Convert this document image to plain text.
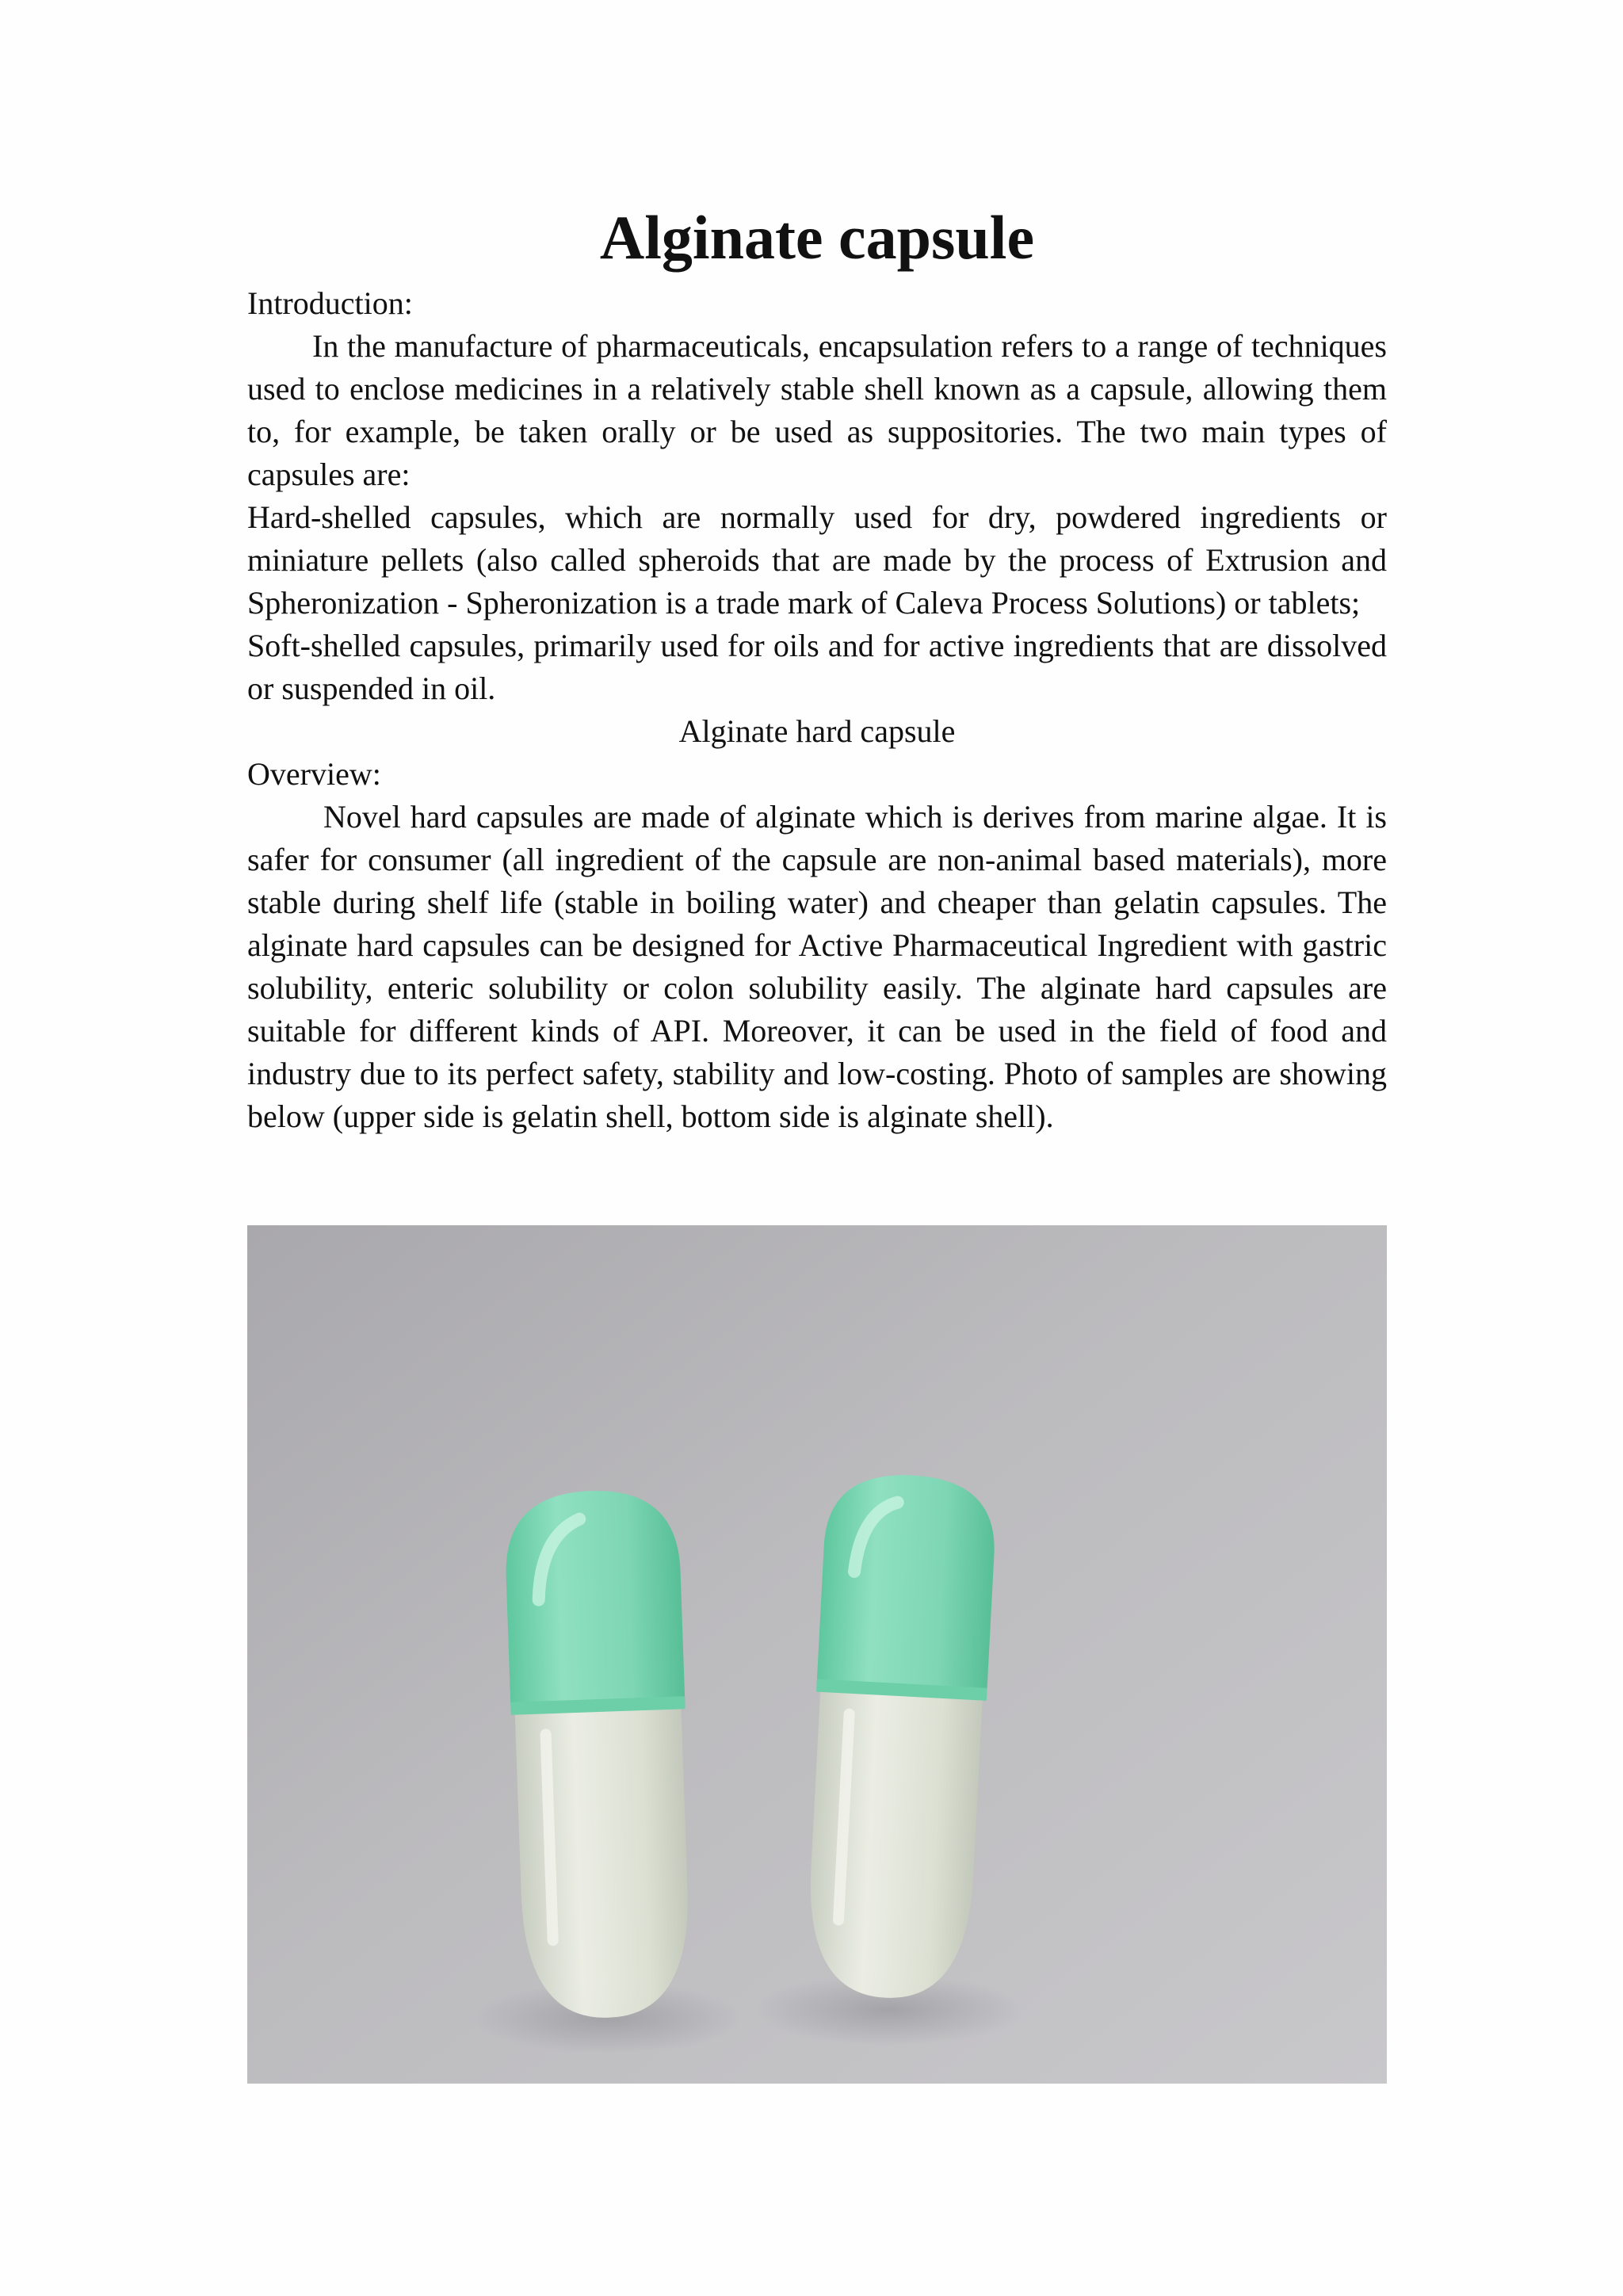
Alginate capsule

Introduction:

In the manufacture of pharmaceuticals, encapsulation refers to a range of techniques used to enclose medicines in a relatively stable shell known as a capsule, allowing them to, for example, be taken orally or be used as suppositories. The two main types of capsules are:

Hard-shelled capsules, which are normally used for dry, powdered ingredients or miniature pellets (also called spheroids that are made by the process of Extrusion and Spheronization - Spheronization is a trade mark of Caleva Process Solutions) or tablets;

Soft-shelled capsules, primarily used for oils and for active ingredients that are dissolved or suspended in oil.

Alginate hard capsule

Overview:

Novel hard capsules are made of alginate which is derives from marine algae. It is safer for consumer (all ingredient of the capsule are non-animal based materials), more stable during shelf life (stable in boiling water) and cheaper than gelatin capsules. The alginate hard capsules can be designed for Active Pharmaceutical Ingredient with gastric solubility, enteric solubility or colon solubility easily. The alginate hard capsules are suitable for different kinds of API. Moreover, it can be used in the field of food and industry due to its perfect safety, stability and low-costing. Photo of samples are showing below (upper side is gelatin shell, bottom side is alginate shell).
